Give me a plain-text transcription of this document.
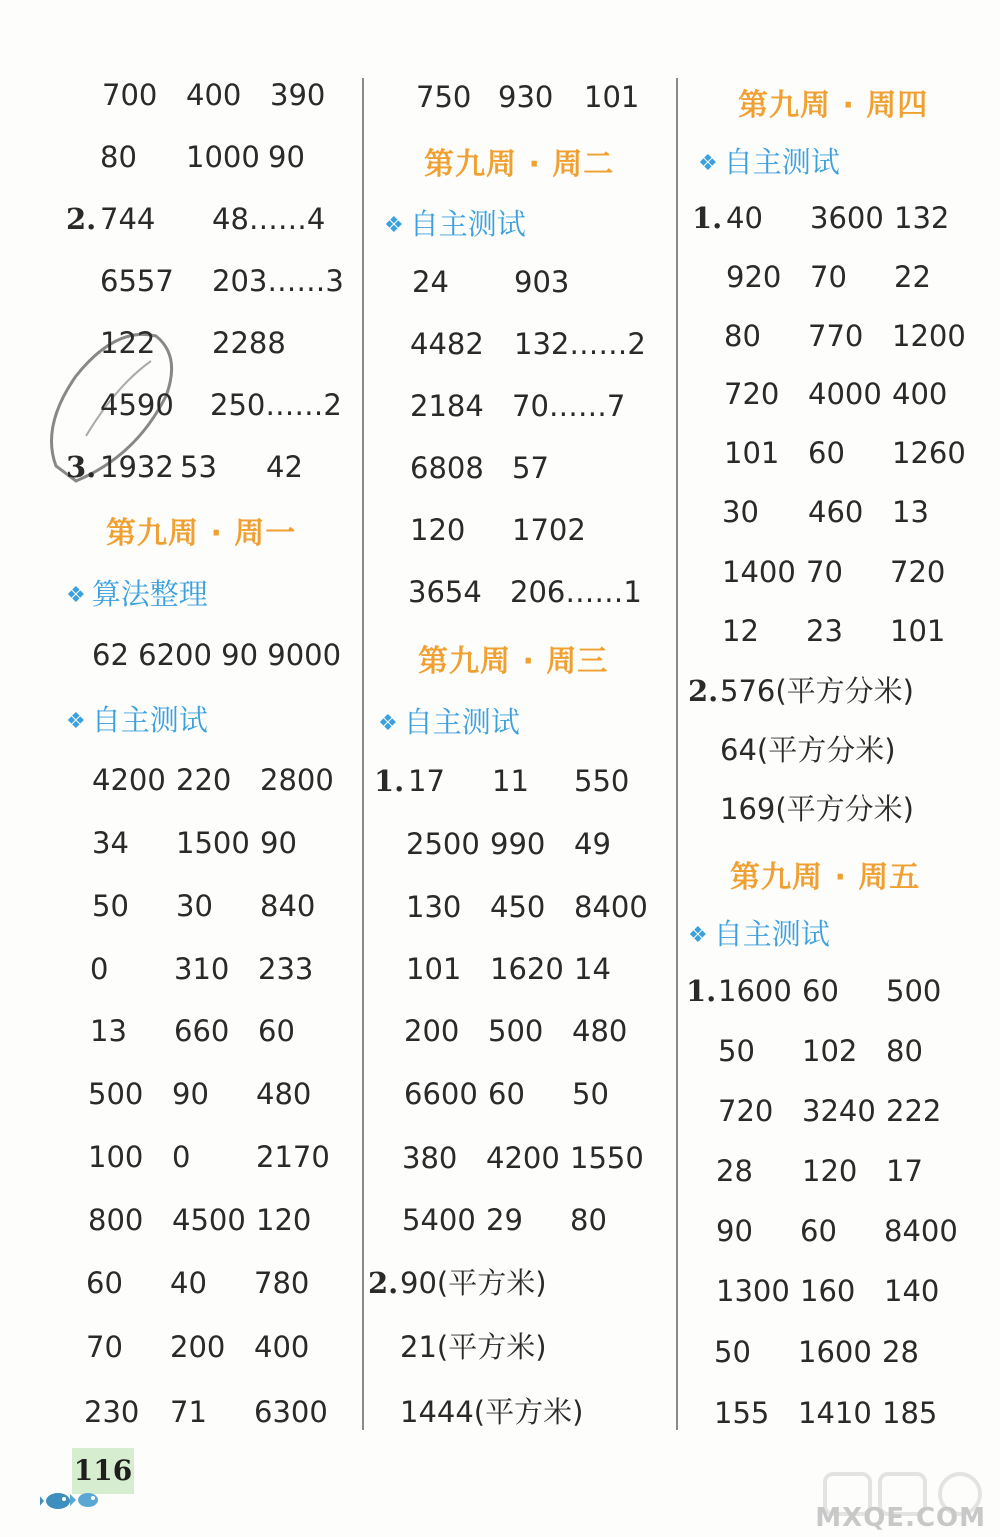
700 400 390
80 1000 90
2. 744 48……4
6557 203……3
122 2288
4590 250……2
3. 1932 53 42
第九周 · 周一
❖ 算法整理
62 6200 90 9000
❖ 自主测试
4200 220 2800
34 1500 90
50 30 840
0 310 233
13 660 60
500 90 480
100 0 2170
800 4500 120
60 40 780
70 200 400
230 71 6300
750 930 101
第九周 · 周二
❖ 自主测试
24 903
4482 132……2
2184 70……7
6808 57
120 1702
3654 206……1
第九周 · 周三
❖ 自主测试
1. 17 11 550
2500 990 49
130 450 8400
101 1620 14
200 500 480
6600 60 50
380 4200 1550
5400 29 80
2. 90(平方米)
21(平方米)
1444(平方米)
第九周 · 周四
❖ 自主测试
1. 40 3600 132
920 70 22
80 770 1200
720 4000 400
101 60 1260
30 460 13
1400 70 720
12 23 101
2. 576(平方分米)
64(平方分米)
169(平方分米)
第九周 · 周五
❖ 自主测试
1. 1600 60 500
50 102 80
720 3240 222
28 120 17
90 60 8400
1300 160 140
50 1600 28
155 1410 185
116
MXQE.COM
